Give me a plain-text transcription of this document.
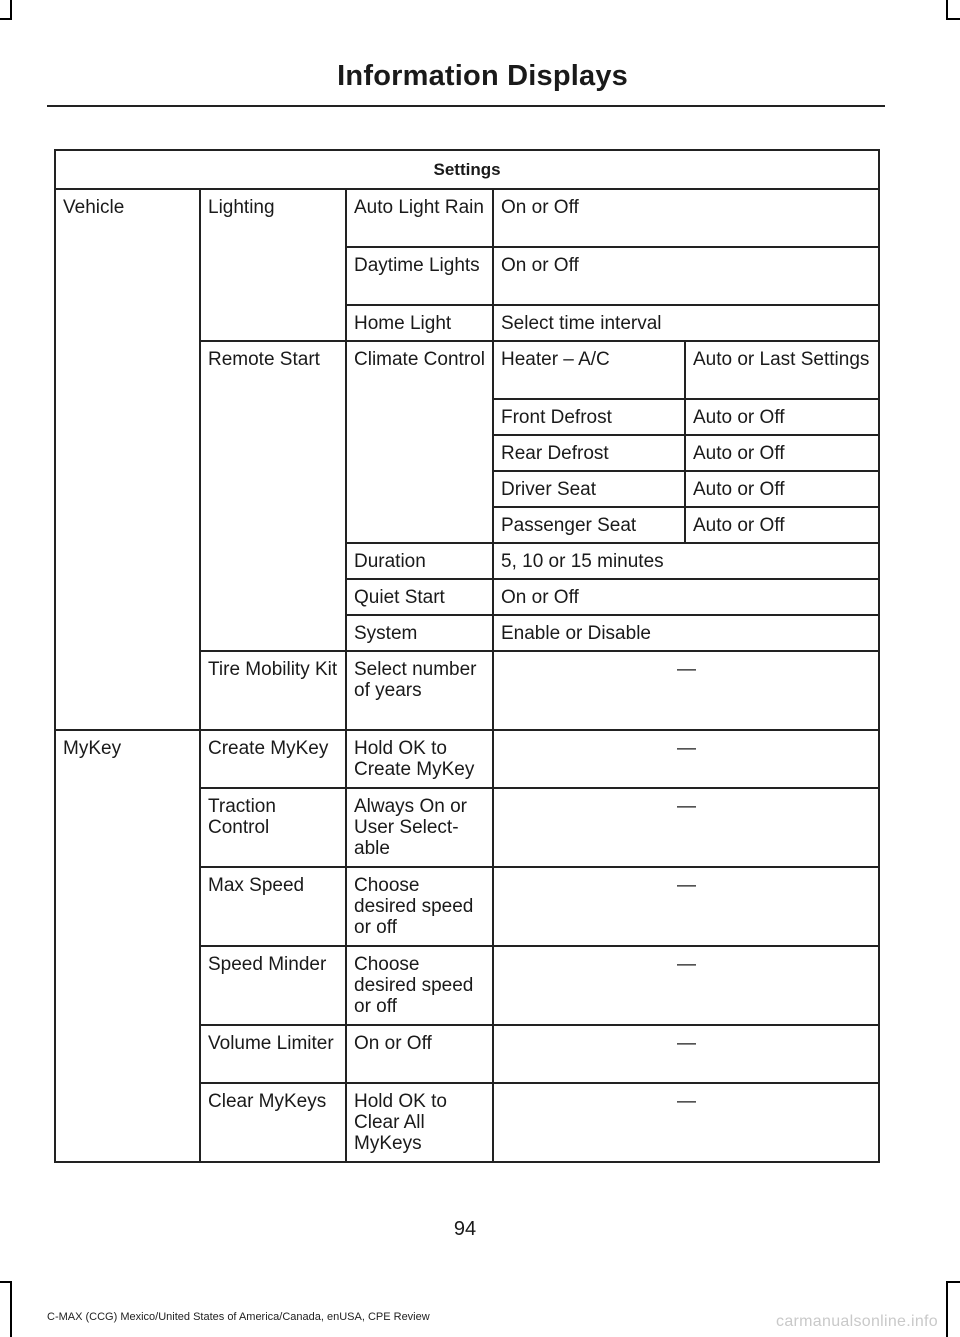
Information Displays
Settings				
Vehicle	Lighting	Auto Light Rain	On or Off	
		Daytime Lights	On or Off	
		Home Light	Select time interval	
	Remote Start	Climate Control	Heater – A/C	Auto or Last Settings
			Front Defrost	Auto or Off
			Rear Defrost	Auto or Off
			Driver Seat	Auto or Off
			Passenger Seat	Auto or Off
		Duration	5, 10 or 15 minutes	
		Quiet Start	On or Off	
		System	Enable or Disable	
	Tire Mobility Kit	Select number of years	—	
MyKey	Create MyKey	Hold OK to Create MyKey	—	
	Traction Control	Always On or User Select-able	—	
	Max Speed	Choose desired speed or off	—	
	Speed Minder	Choose desired speed or off	—	
	Volume Limiter	On or Off	—	
	Clear MyKeys	Hold OK to Clear All MyKeys	—	
94
C-MAX (CCG) Mexico/United States of America/Canada, enUSA, CPE Review	carmanualsonline.info
